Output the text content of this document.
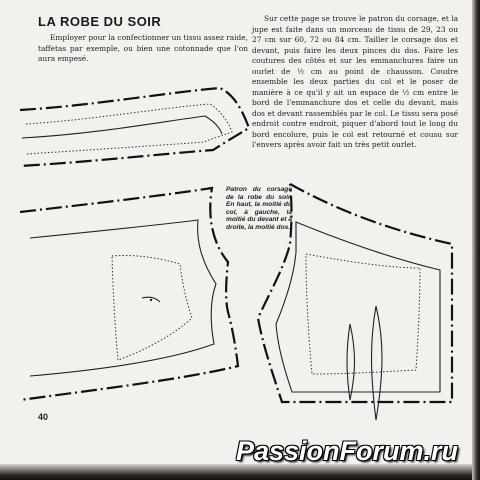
LA ROBE DU SOIR

Employer pour la confectionner un tissu assez raide, taffetas par exemple, ou bien une cotonnade que l'on aura empesé.

Sur cette page se trouve le patron du corsage, et la jupe est faite dans un morceau de tissu de 29, 23 ou 27 cm sur 60, 72 ou 84 cm. Tailler le corsage dos et devant, puis faire les deux pinces du dos. Faire les coutures des côtés et sur les emmanchures faire un ourlet de ½ cm au point de chausson. Coudre ensemble les deux parties du col et le poser de manière à ce qu'il y ait un espace de ½ cm entre le bord de l'emmanchure dos et celle du devant, mais dos et devant rassemblés par le col. Le tissu sera posé endroit contre endroit, piquer d'abord tout le long du bord encolure, puis le col est retourné et cousu sur l'envers après avoir fait un très petit ourlet.

Patron du corsage de la robe du soir. En haut, la moitié du col, à gauche, la moitié du devant et à droite, la moitié dos.

40
PassionForum.ru
